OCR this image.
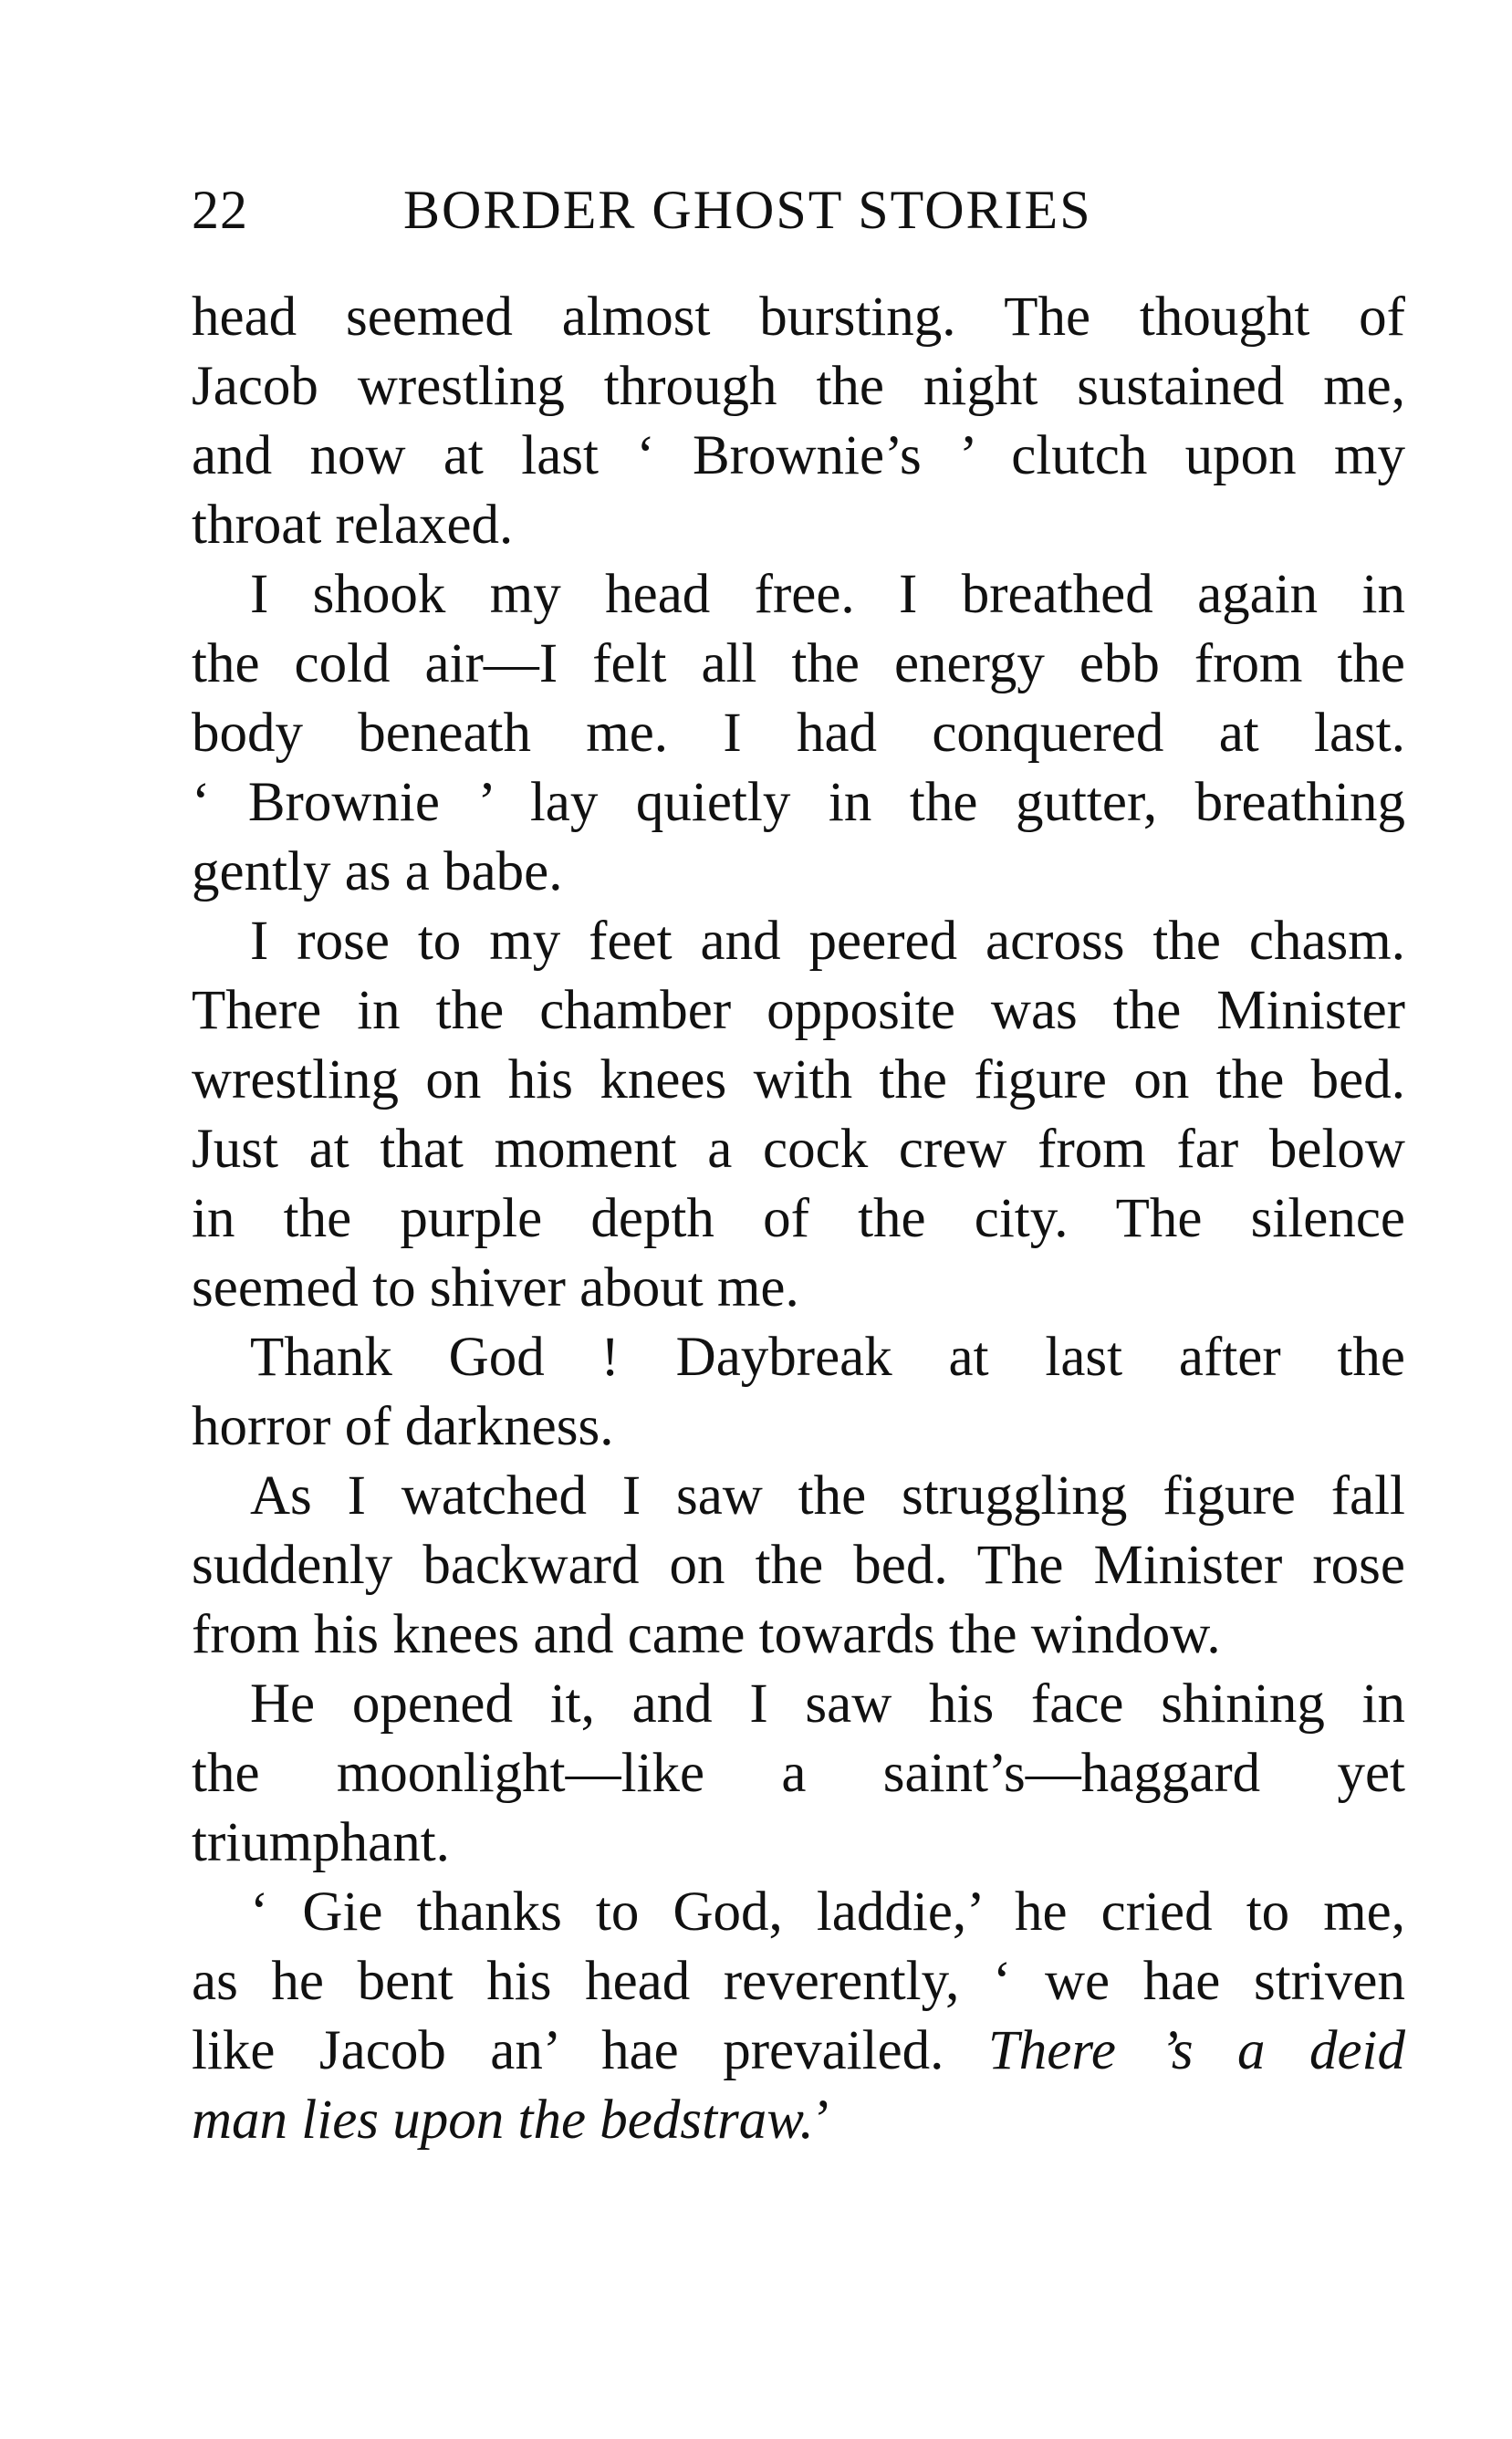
22	BORDER GHOST STORIES
head seemed almost bursting. The thought of
Jacob wrestling through the night sustained me,
and now at last ‘ Brownie’s ’ clutch upon my
throat relaxed.
I shook my head free. I breathed again in
the cold air—I felt all the energy ebb from the
body beneath me. I had conquered at last.
‘ Brownie ’ lay quietly in the gutter, breathing
gently as a babe.
I rose to my feet and peered across the chasm.
There in the chamber opposite was the Minister
wrestling on his knees with the figure on the bed.
Just at that moment a cock crew from far below
in the purple depth of the city. The silence
seemed to shiver about me.
Thank God ! Daybreak at last after the
horror of darkness.
As I watched I saw the struggling figure fall
suddenly backward on the bed. The Minister rose
from his knees and came towards the window.
He opened it, and I saw his face shining in
the moonlight—like a saint’s—haggard yet
triumphant.
‘ Gie thanks to God, laddie,’ he cried to me,
as he bent his head reverently, ‘ we hae striven
like Jacob an’ hae prevailed. There ’s a deid
man lies upon the bedstraw.’
